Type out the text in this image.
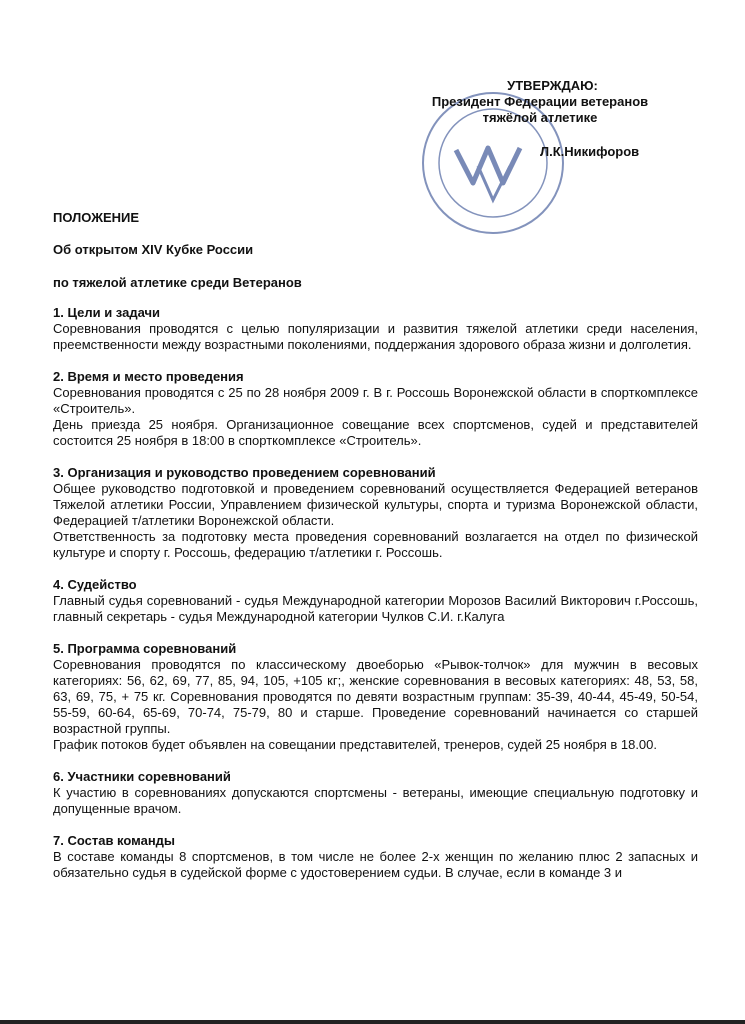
УТВЕРЖДАЮ:
Президент Федерации ветеранов
тяжёлой атлетике
Л.К.Никифоров
ПОЛОЖЕНИЕ
Об открытом XIV Кубке России
по тяжелой атлетике среди Ветеранов
1. Цели и задачи

Соревнования проводятся с целью популяризации и развития тяжелой атлетики среди населения, преемственности между возрастными поколениями, поддержания здорового образа жизни и долголетия.

2. Время и место проведения

Соревнования проводятся с 25 по 28 ноября 2009 г. В г. Россошь Воронежской области в спорткомплексе «Строитель».

День приезда 25 ноября. Организационное совещание всех спортсменов, судей и представителей состоится 25 ноября в 18:00 в спорткомплексе «Строитель».

3. Организация и руководство проведением соревнований

Общее руководство подготовкой и проведением соревнований осуществляется Федерацией ветеранов Тяжелой атлетики России, Управлением физической культуры, спорта и туризма Воронежской области, Федерацией т/атлетики Воронежской области.

Ответственность за подготовку места проведения соревнований возлагается на отдел по физической культуре и спорту г. Россошь, федерацию т/атлетики г. Россошь.

4. Судейство

Главный судья соревнований - судья Международной категории Морозов Василий Викторович г.Россошь, главный секретарь - судья Международной категории Чулков С.И. г.Калуга

5. Программа соревнований

Соревнования проводятся по классическому двоеборью «Рывок-толчок» для мужчин в весовых категориях: 56, 62, 69, 77, 85, 94, 105, +105 кг;, женские соревнования в весовых категориях: 48, 53, 58, 63, 69, 75, + 75 кг. Соревнования проводятся по девяти возрастным группам: 35-39, 40-44, 45-49, 50-54, 55-59, 60-64, 65-69, 70-74, 75-79, 80 и старше. Проведение соревнований начинается со старшей возрастной группы.

График потоков будет объявлен на совещании представителей, тренеров, судей 25 ноября в 18.00.

6. Участники соревнований

К участию в соревнованиях допускаются спортсмены - ветераны, имеющие специальную подготовку и допущенные врачом.

7. Состав команды

В составе команды 8 спортсменов, в том числе не более 2-х женщин по желанию плюс 2 запасных и обязательно судья в судейской форме с удостоверением судьи. В случае, если в команде 3 и
